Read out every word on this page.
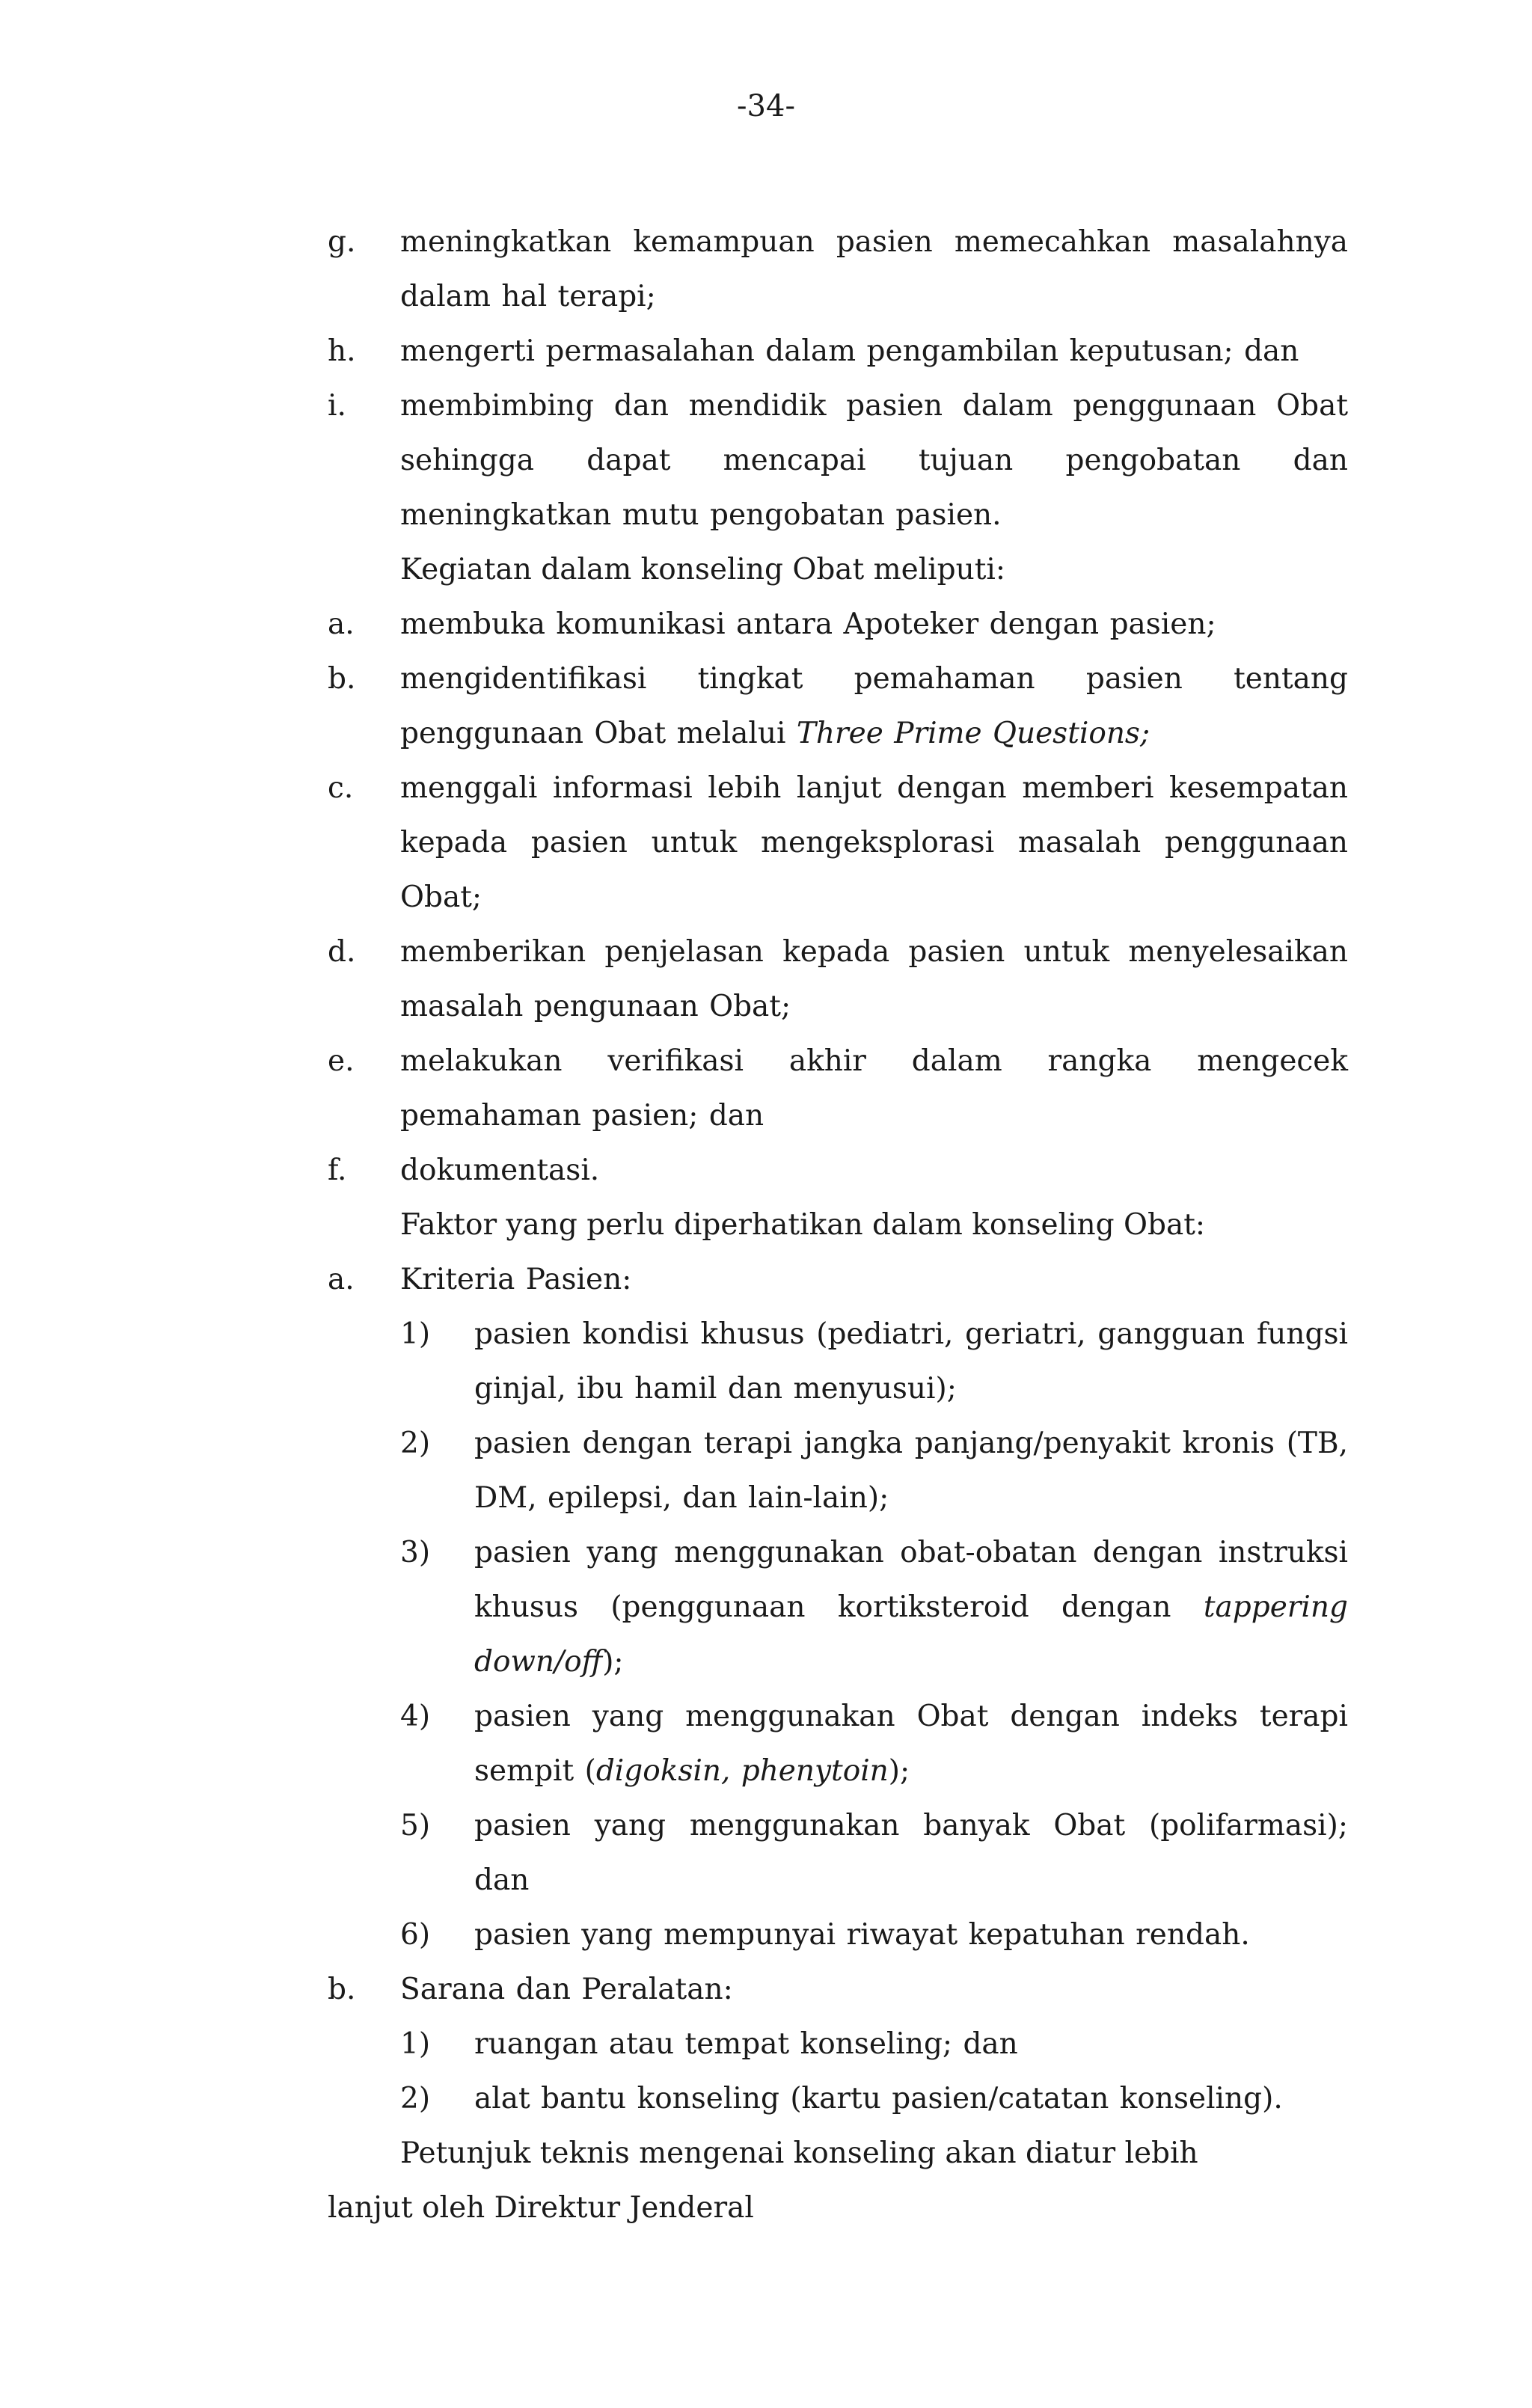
-34-
g. meningkatkan kemampuan pasien memecahkan masalahnya dalam hal terapi;
h. mengerti permasalahan dalam pengambilan keputusan; dan
i. membimbing dan mendidik pasien dalam penggunaan Obat sehingga dapat mencapai tujuan pengobatan dan meningkatkan mutu pengobatan pasien.
Kegiatan dalam konseling Obat meliputi:
a. membuka komunikasi antara Apoteker dengan pasien;
b. mengidentifikasi tingkat pemahaman pasien tentang penggunaan Obat melalui Three Prime Questions;
c. menggali informasi lebih lanjut dengan memberi kesempatan kepada pasien untuk mengeksplorasi masalah penggunaan Obat;
d. memberikan penjelasan kepada pasien untuk menyelesaikan masalah pengunaan Obat;
e. melakukan verifikasi akhir dalam rangka mengecek pemahaman pasien; dan
f. dokumentasi.
Faktor yang perlu diperhatikan dalam konseling Obat:
a. Kriteria Pasien:
1) pasien kondisi khusus (pediatri, geriatri, gangguan fungsi ginjal, ibu hamil dan menyusui);
2) pasien dengan terapi jangka panjang/penyakit kronis (TB, DM, epilepsi, dan lain-lain);
3) pasien yang menggunakan obat-obatan dengan instruksi khusus (penggunaan kortiksteroid dengan tappering down/off);
4) pasien yang menggunakan Obat dengan indeks terapi sempit (digoksin, phenytoin);
5) pasien yang menggunakan banyak Obat (polifarmasi); dan
6) pasien yang mempunyai riwayat kepatuhan rendah.
b. Sarana dan Peralatan:
1) ruangan atau tempat konseling; dan
2) alat bantu konseling (kartu pasien/catatan konseling).
Petunjuk teknis mengenai konseling akan diatur lebih
lanjut oleh Direktur Jenderal
